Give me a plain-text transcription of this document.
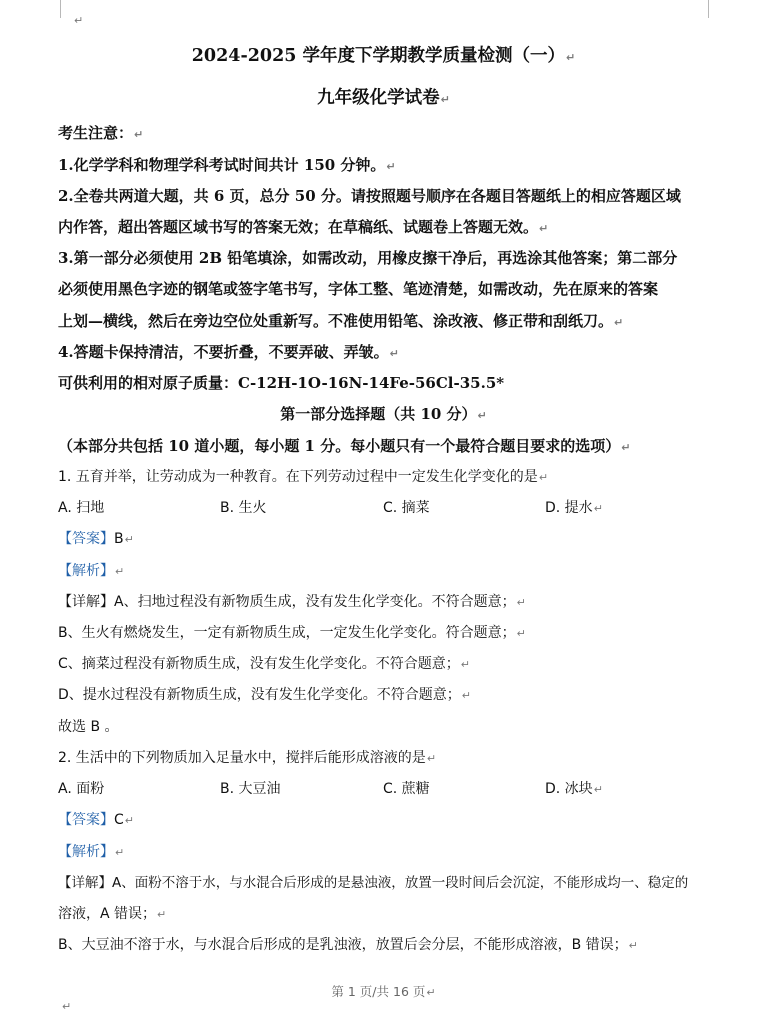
↵
2024-2025 学年度下学期教学质量检测（一）↵
九年级化学试卷↵
考生注意：↵
1.化学学科和物理学科考试时间共计 150 分钟。↵
2.全卷共两道大题，共 6 页，总分 50 分。请按照题号顺序在各题目答题纸上的相应答题区域
内作答，超出答题区域书写的答案无效；在草稿纸、试题卷上答题无效。↵
3.第一部分必须使用 2B 铅笔填涂，如需改动，用橡皮擦干净后，再选涂其他答案；第二部分
必须使用黑色字迹的钢笔或签字笔书写，字体工整、笔迹清楚，如需改动，先在原来的答案
上划—横线，然后在旁边空位处重新写。不准使用铅笔、涂改液、修正带和刮纸刀。↵
4.答题卡保持清洁，不要折叠，不要弄破、弄皱。↵
可供利用的相对原子质量：C-12H-1O-16N-14Fe-56Cl-35.5*
第一部分选择题（共 10 分）↵
（本部分共包括 10 道小题，每小题 1 分。每小题只有一个最符合题目要求的选项）↵
1. 五育并举，让劳动成为一种教育。在下列劳动过程中一定发生化学变化的是↵
A. 扫地	B. 生火	C. 摘菜	D. 提水↵
【答案】B↵
【解析】↵
【详解】A、扫地过程没有新物质生成，没有发生化学变化。不符合题意；↵
B、生火有燃烧发生，一定有新物质生成，一定发生化学变化。符合题意；↵
C、摘菜过程没有新物质生成，没有发生化学变化。不符合题意；↵
D、提水过程没有新物质生成，没有发生化学变化。不符合题意；↵
故选 B 。
2. 生活中的下列物质加入足量水中，搅拌后能形成溶液的是↵
A. 面粉	B. 大豆油	C. 蔗糖	D. 冰块↵
【答案】C↵
【解析】↵
【详解】A、面粉不溶于水，与水混合后形成的是悬浊液，放置一段时间后会沉淀，不能形成均一、稳定的
溶液，A 错误；↵
B、大豆油不溶于水，与水混合后形成的是乳浊液，放置后会分层，不能形成溶液，B 错误；↵
第 1 页/共 16 页↵
↵
